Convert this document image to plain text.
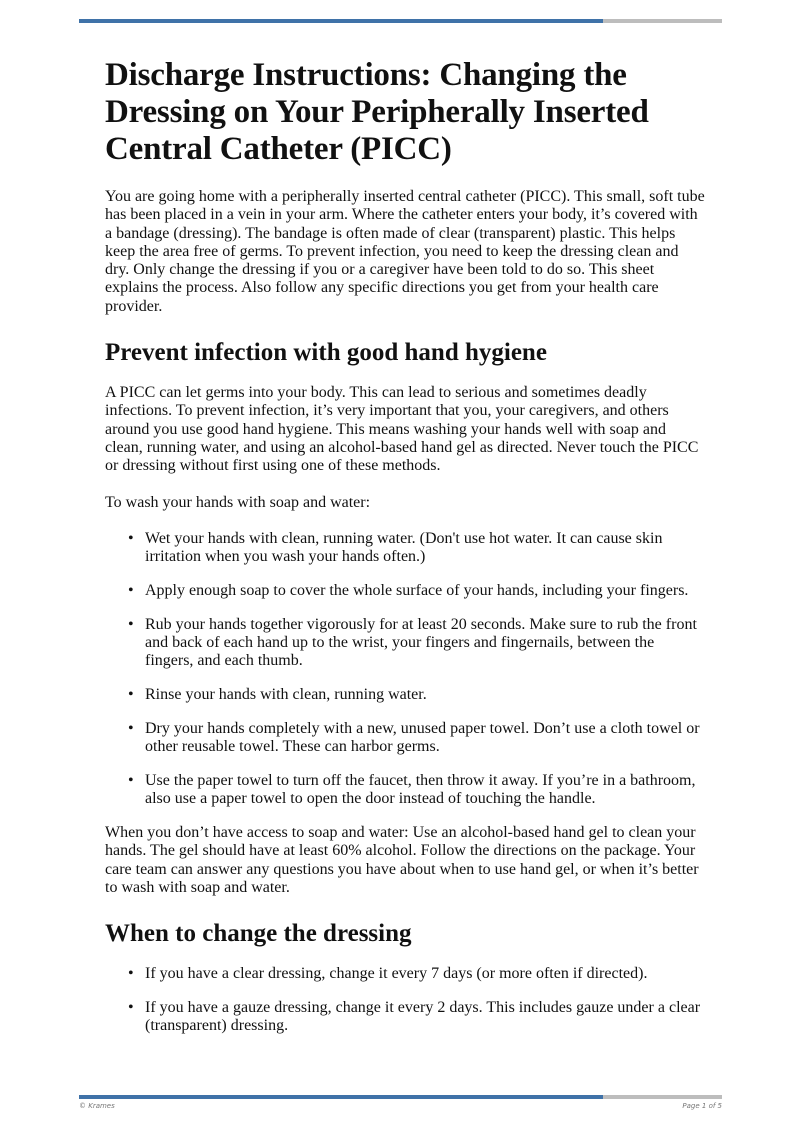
Discharge Instructions: Changing the Dressing on Your Peripherally Inserted Central Catheter (PICC)

You are going home with a peripherally inserted central catheter (PICC). This small, soft tube has been placed in a vein in your arm. Where the catheter enters your body, it’s covered with a bandage (dressing). The bandage is often made of clear (transparent) plastic. This helps keep the area free of germs. To prevent infection, you need to keep the dressing clean and dry. Only change the dressing if you or a caregiver have been told to do so. This sheet explains the process. Also follow any specific directions you get from your health care provider.

Prevent infection with good hand hygiene

A PICC can let germs into your body. This can lead to serious and sometimes deadly infections. To prevent infection, it’s very important that you, your caregivers, and others around you use good hand hygiene. This means washing your hands well with soap and clean, running water, and using an alcohol-based hand gel as directed. Never touch the PICC or dressing without first using one of these methods.

To wash your hands with soap and water:

• Wet your hands with clean, running water. (Don't use hot water. It can cause skin irritation when you wash your hands often.)
• Apply enough soap to cover the whole surface of your hands, including your fingers.
• Rub your hands together vigorously for at least 20 seconds. Make sure to rub the front and back of each hand up to the wrist, your fingers and fingernails, between the fingers, and each thumb.
• Rinse your hands with clean, running water.
• Dry your hands completely with a new, unused paper towel. Don’t use a cloth towel or other reusable towel. These can harbor germs.
• Use the paper towel to turn off the faucet, then throw it away. If you’re in a bathroom, also use a paper towel to open the door instead of touching the handle.

When you don’t have access to soap and water: Use an alcohol-based hand gel to clean your hands. The gel should have at least 60% alcohol. Follow the directions on the package. Your care team can answer any questions you have about when to use hand gel, or when it’s better to wash with soap and water.

When to change the dressing
• If you have a clear dressing, change it every 7 days (or more often if directed).
• If you have a gauze dressing, change it every 2 days. This includes gauze under a clear (transparent) dressing.
© Krames	Page 1 of 5
